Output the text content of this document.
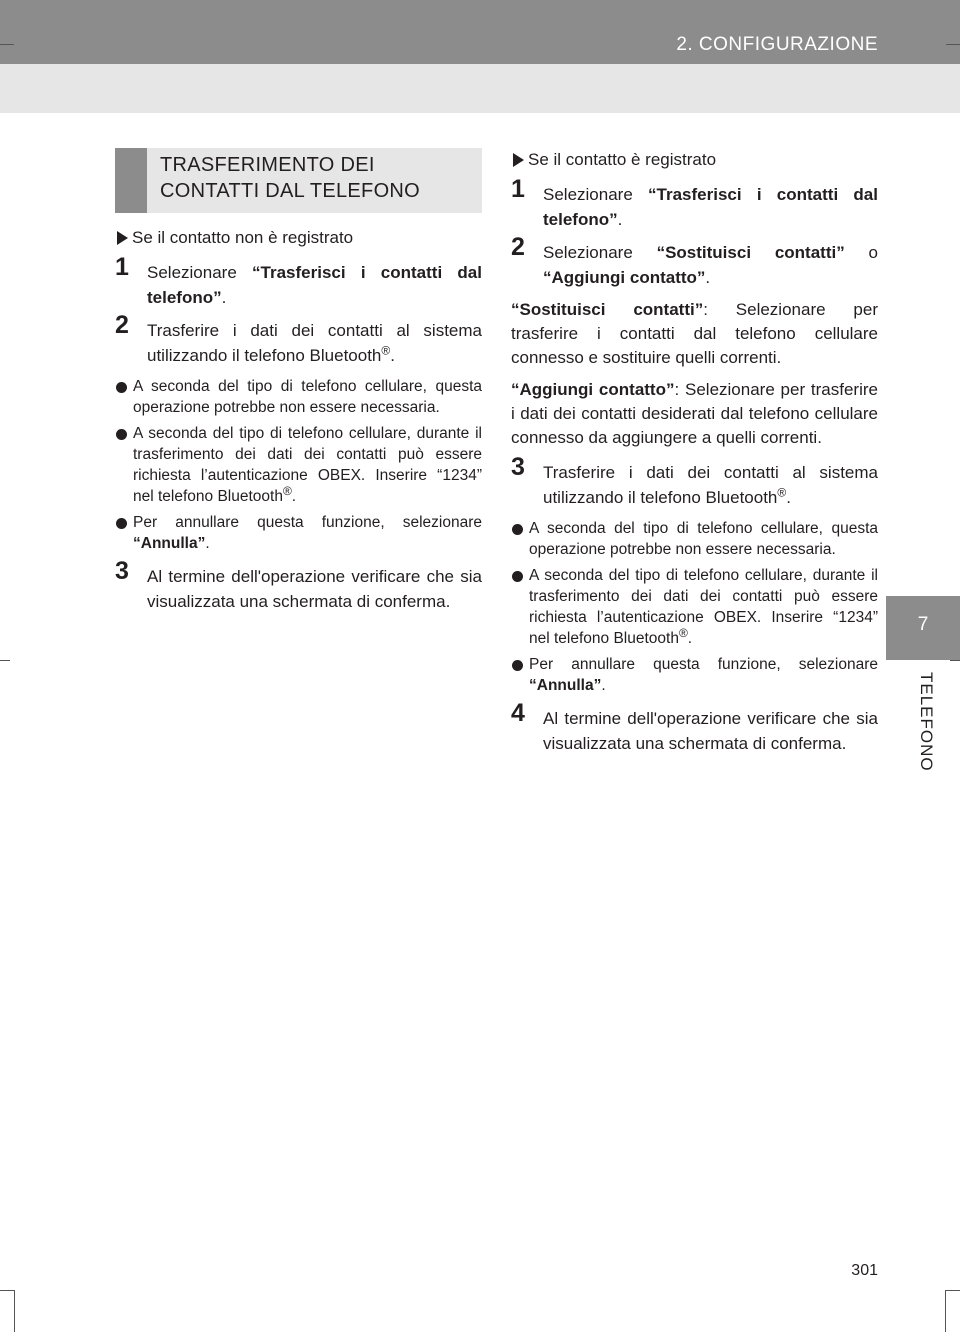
2. CONFIGURAZIONE
7
TELEFONO
TRASFERIMENTO DEI
CONTATTI DAL TELEFONO
Se il contatto non è registrato
1 Selezionare “Trasferisci i contatti dal telefono”.
2 Trasferire i dati dei contatti al sistema utilizzando il telefono Bluetooth®.
A seconda del tipo di telefono cellulare, questa operazione potrebbe non essere necessaria.
A seconda del tipo di telefono cellulare, durante il trasferimento dei dati dei contatti può essere richiesta l’autenticazione OBEX. Inserire “1234” nel telefono Bluetooth®.
Per annullare questa funzione, selezionare “Annulla”.
3 Al termine dell'operazione verificare che sia visualizzata una schermata di conferma.
Se il contatto è registrato
1 Selezionare “Trasferisci i contatti dal telefono”.
2 Selezionare “Sostituisci contatti” o “Aggiungi contatto”.
“Sostituisci contatti”: Selezionare per trasferire i contatti dal telefono cellulare connesso e sostituire quelli correnti.
“Aggiungi contatto”: Selezionare per trasferire i dati dei contatti desiderati dal telefono cellulare connesso da aggiungere a quelli correnti.
3 Trasferire i dati dei contatti al sistema utilizzando il telefono Bluetooth®.
A seconda del tipo di telefono cellulare, questa operazione potrebbe non essere necessaria.
A seconda del tipo di telefono cellulare, durante il trasferimento dei dati dei contatti può essere richiesta l’autenticazione OBEX. Inserire “1234” nel telefono Bluetooth®.
Per annullare questa funzione, selezionare “Annulla”.
4 Al termine dell'operazione verificare che sia visualizzata una schermata di conferma.
301
